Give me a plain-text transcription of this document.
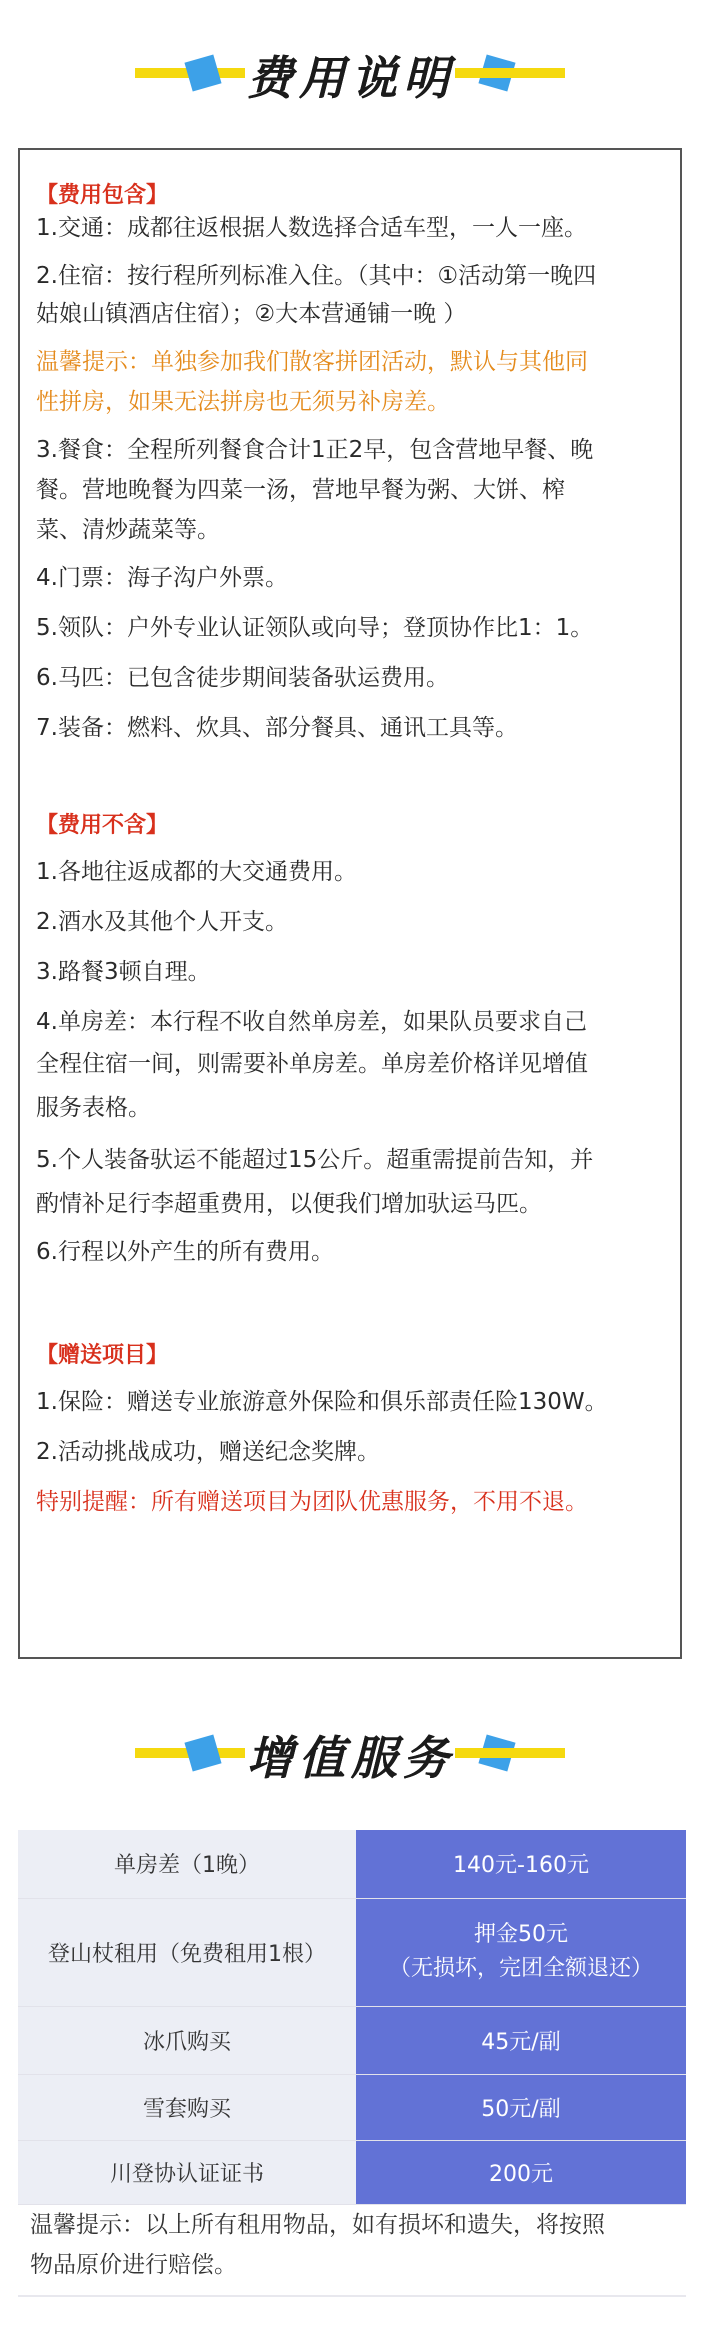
费用说明
【费用包含】
1.交通：成都往返根据人数选择合适车型，一人一座。
2.住宿：按行程所列标准入住。（其中：①活动第一晚四
姑娘山镇酒店住宿）；②大本营通铺一晚 ）
温馨提示：单独参加我们散客拼团活动，默认与其他同
性拼房，如果无法拼房也无须另补房差。
3.餐食：全程所列餐食合计1正2早，包含营地早餐、晚
餐。营地晚餐为四菜一汤，营地早餐为粥、大饼、榨
菜、清炒蔬菜等。
4.门票：海子沟户外票。
5.领队：户外专业认证领队或向导；登顶协作比1：1。
6.马匹：已包含徒步期间装备驮运费用。
7.装备：燃料、炊具、部分餐具、通讯工具等。
【费用不含】
1.各地往返成都的大交通费用。
2.酒水及其他个人开支。
3.路餐3顿自理。
4.单房差：本行程不收自然单房差，如果队员要求自己
全程住宿一间，则需要补单房差。单房差价格详见增值
服务表格。
5.个人装备驮运不能超过15公斤。超重需提前告知，并
酌情补足行李超重费用，以便我们增加驮运马匹。
6.行程以外产生的所有费用。
【赠送项目】
1.保险：赠送专业旅游意外保险和俱乐部责任险130W。
2.活动挑战成功，赠送纪念奖牌。
特别提醒：所有赠送项目为团队优惠服务，不用不退。
增值服务
单房差（1晚）	140元-160元
登山杖租用（免费租用1根）	押金50元
（无损坏，完团全额退还）

冰爪购买	45元/副
雪套购买	50元/副
川登协认证证书	200元
温馨提示：以上所有租用物品，如有损坏和遗失，将按照
物品原价进行赔偿。
